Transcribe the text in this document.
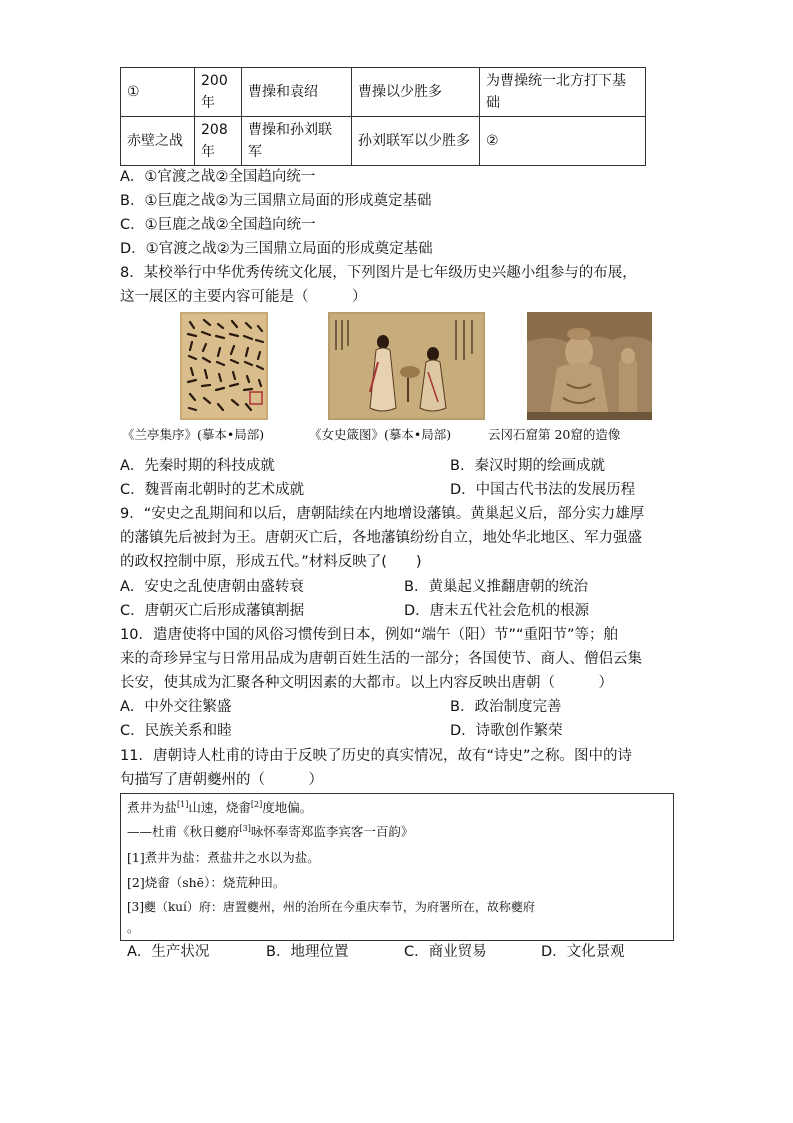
①	200年	曹操和袁绍	曹操以少胜多	为曹操统一北方打下基础

赤壁之战	208年	曹操和孙刘联军	孙刘联军以少胜多	②
A．①官渡之战②全国趋向统一
B．①巨鹿之战②为三国鼎立局面的形成奠定基础
C．①巨鹿之战②全国趋向统一
D．①官渡之战②为三国鼎立局面的形成奠定基础
8．某校举行中华优秀传统文化展，下列图片是七年级历史兴趣小组参与的布展，
这一展区的主要内容可能是（　　　）
《兰亭集序》(摹本•局部)	《女史箴图》(摹本•局部)	云冈石窟第 20窟的造像
A．先秦时期的科技成就	B．秦汉时期的绘画成就
C．魏晋南北朝时的艺术成就	D．中国古代书法的发展历程
9．“安史之乱期间和以后，唐朝陆续在内地增设藩镇。黄巢起义后，部分实力雄厚
的藩镇先后被封为王。唐朝灭亡后，各地藩镇纷纷自立，地处华北地区、军力强盛
的政权控制中原，形成五代。”材料反映了(　　)
A．安史之乱使唐朝由盛转衰	B．黄巢起义推翻唐朝的统治
C．唐朝灭亡后形成藩镇割据	D．唐末五代社会危机的根源
10．遣唐使将中国的风俗习惯传到日本，例如“端午（阳）节”“重阳节”等；舶
来的奇珍异宝与日常用品成为唐朝百姓生活的一部分；各国使节、商人、僧侣云集
长安，使其成为汇聚各种文明因素的大都市。以上内容反映出唐朝（　　　）
A．中外交往繁盛	B．政治制度完善
C．民族关系和睦	D．诗歌创作繁荣
11．唐朝诗人杜甫的诗由于反映了历史的真实情况，故有“诗史”之称。图中的诗
句描写了唐朝夔州的（　　　）
煮井为盐[1]山速，烧畬[2]度地偏。
——杜甫《秋日夔府[3]咏怀奉寄郑监李宾客一百韵》
[1]煮井为盐：煮盐井之水以为盐。
[2]烧畬（shē）：烧荒种田。
[3]夔（kuí）府：唐置夔州，州的治所在今重庆奉节，为府署所在，故称夔府
。
A．生产状况	B．地理位置	C．商业贸易	D．文化景观
